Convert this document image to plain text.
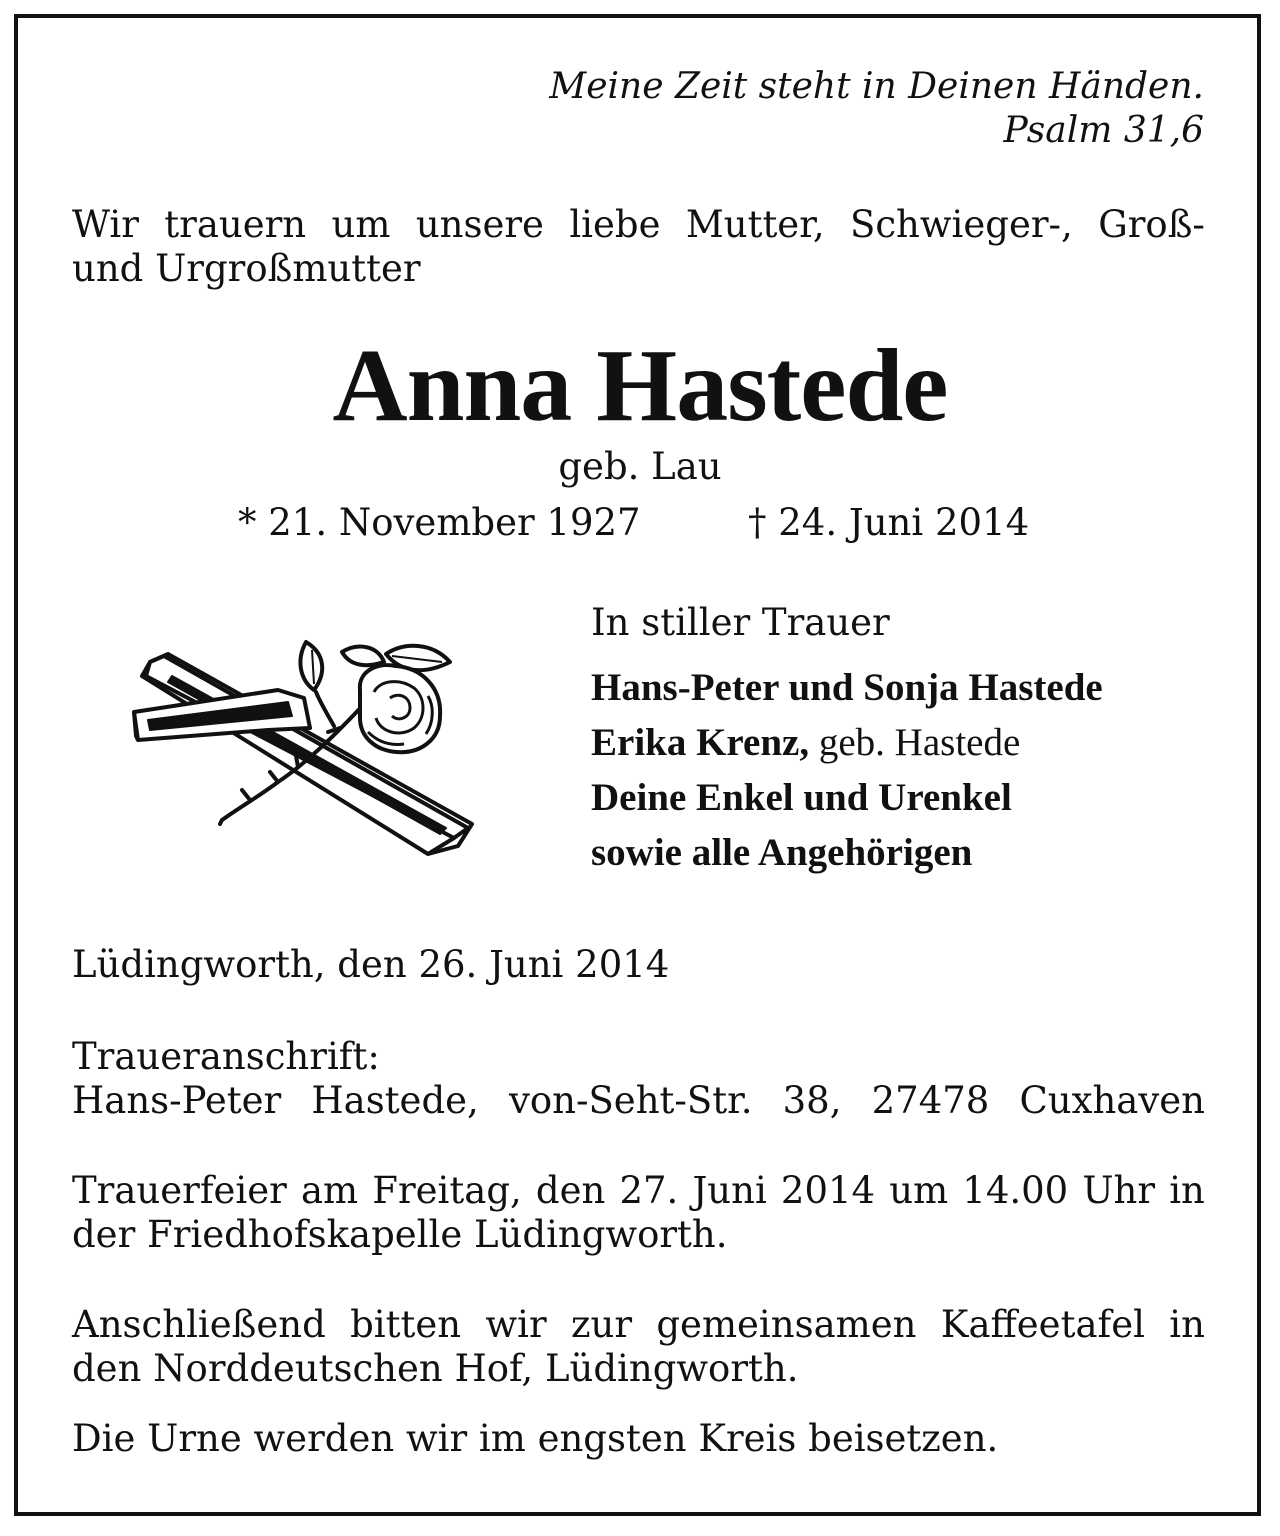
Meine Zeit steht in Deinen Händen.

Psalm 31,6

Wir trauern um unsere liebe Mutter, Schwieger-, Groß-

und Urgroßmutter

Anna Hastede

geb. Lau

* 21. November 1927	† 24. Juni 2014

In stiller Trauer

Hans-Peter und Sonja Hastede

Erika Krenz, geb. Hastede

Deine Enkel und Urenkel

sowie alle Angehörigen

Lüdingworth, den 26. Juni 2014

Traueranschrift:

Hans-Peter Hastede, von-Seht-Str. 38, 27478 Cuxhaven
Trauerfeier am Freitag, den 27. Juni 2014 um 14.00 Uhr in

der Friedhofskapelle Lüdingworth.

Anschließend bitten wir zur gemeinsamen Kaffeetafel in

den Norddeutschen Hof, Lüdingworth.

Die Urne werden wir im engsten Kreis beisetzen.
